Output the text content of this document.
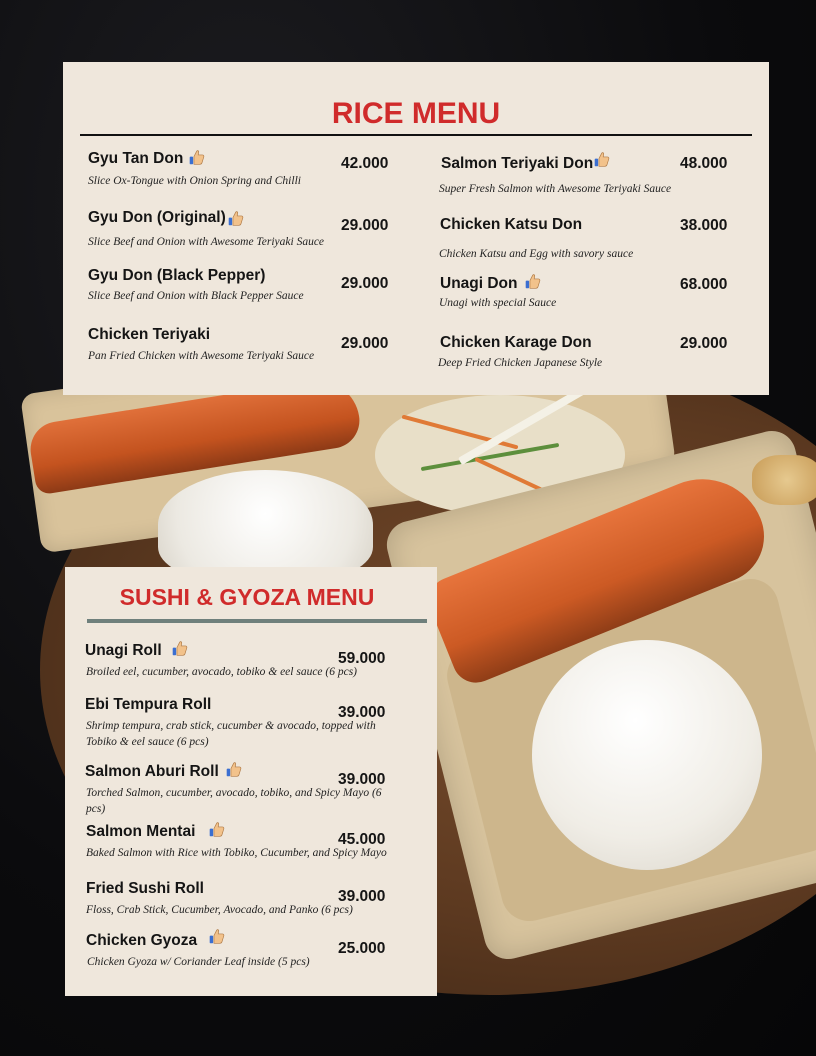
RICE MENU
Gyu Tan Don
Slice Ox-Tongue with Onion Spring and Chilli
42.000
Gyu Don (Original)
Slice Beef and Onion with Awesome Teriyaki Sauce
29.000
Gyu Don (Black Pepper)
Slice Beef and Onion with Black Pepper Sauce
29.000
Chicken Teriyaki
Pan Fried Chicken with Awesome Teriyaki Sauce
29.000
Salmon Teriyaki Don
Super Fresh Salmon with Awesome Teriyaki Sauce
48.000
Chicken Katsu Don
Chicken Katsu and Egg with savory sauce
38.000
Unagi Don
Unagi with special Sauce
68.000
Chicken Karage Don
Deep Fried Chicken Japanese Style
29.000
SUSHI & GYOZA MENU
Unagi Roll
Broiled eel, cucumber, avocado, tobiko & eel sauce (6 pcs)
59.000
Ebi Tempura Roll
Shrimp tempura, crab stick, cucumber & avocado, topped with Tobiko & eel sauce (6 pcs)
39.000
Salmon Aburi Roll
Torched Salmon, cucumber, avocado, tobiko, and Spicy Mayo (6 pcs)
39.000
Salmon Mentai
Baked Salmon with Rice with Tobiko, Cucumber, and Spicy Mayo
45.000
Fried Sushi Roll
Floss, Crab Stick, Cucumber, Avocado, and Panko (6 pcs)
39.000
Chicken Gyoza
Chicken Gyoza w/ Coriander Leaf inside (5 pcs)
25.000
